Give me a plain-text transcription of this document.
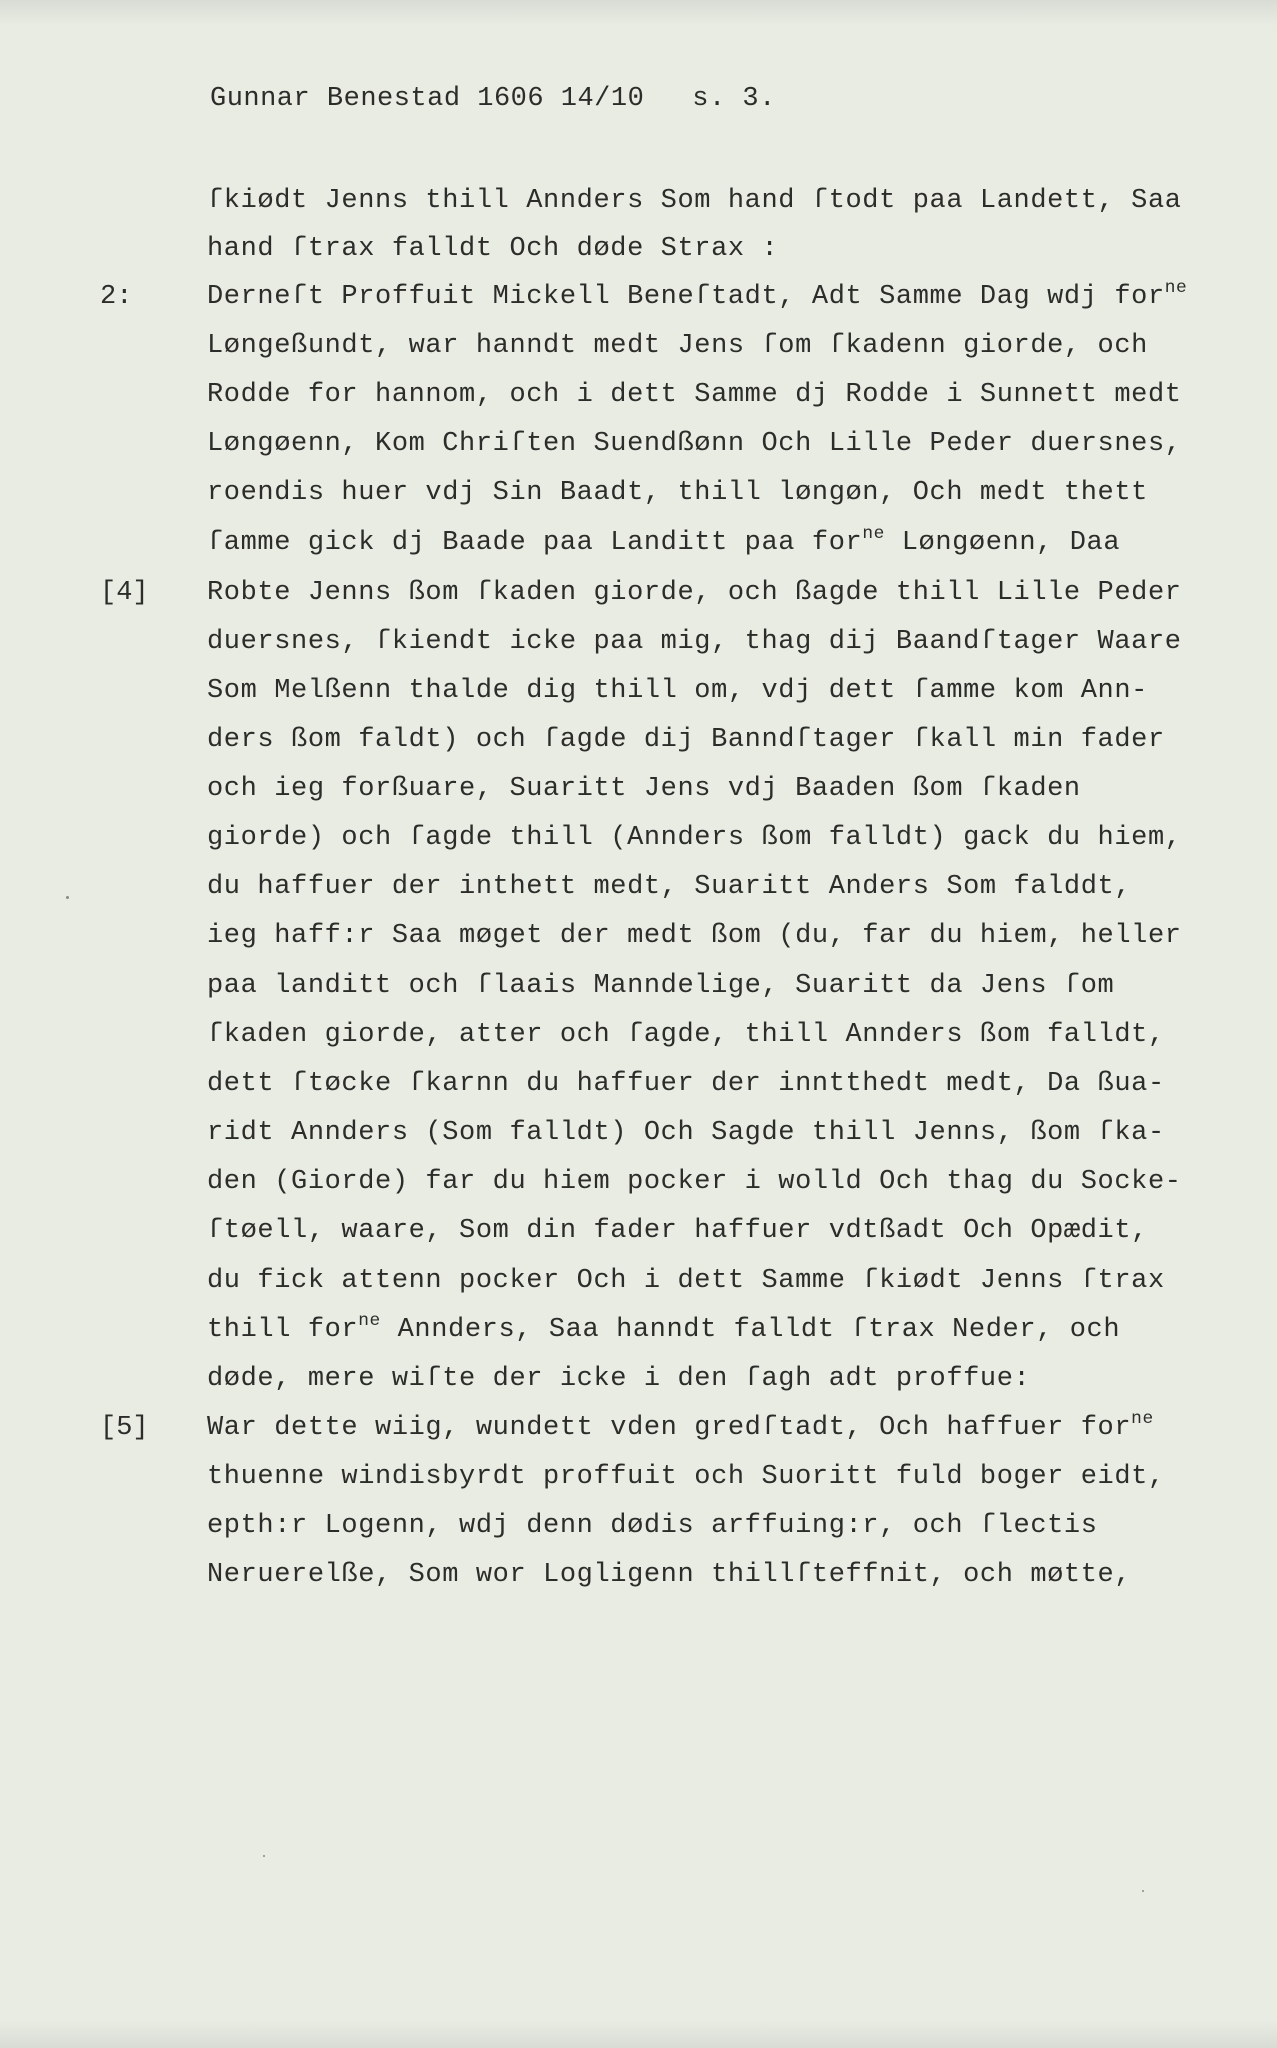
Gunnar Benestad 1606 14/10 s. 3.
2:
[4]
[5]
ſkiødt Jenns thill Annders Som hand ſtodt paa Landett, Saa
hand ſtrax falldt Och døde Strax :
Derneſt Proffuit Mickell Beneſtadt, Adt Samme Dag wdj for$^{ne}$
Løngeßundt, war hanndt medt Jens ſom ſkadenn giorde, och
Rodde for hannom, och i dett Samme dj Rodde i Sunnett medt
Løngøenn, Kom Chriſten Suendßønn Och Lille Peder duersnes,
roendis huer vdj Sin Baadt, thill løngøn, Och medt thett
ſamme gick dj Baade paa Landitt paa for$^{ne}$ Løngøenn, Daa
Robte Jenns ßom ſkaden giorde, och ßagde thill Lille Peder
duersnes, ſkiendt icke paa mig, thag dij Baandſtager Waare
Som Melßenn thalde dig thill om, vdj dett ſamme kom Ann-
ders ßom faldt) och ſagde dij Banndſtager ſkall min fader
och ieg forßuare, Suaritt Jens vdj Baaden ßom ſkaden
giorde) och ſagde thill (Annders ßom falldt) gack du hiem,
du haffuer der inthett medt, Suaritt Anders Som falddt,
ieg haff:r Saa møget der medt ßom (du, far du hiem, heller
paa landitt och ſlaais Manndelige, Suaritt da Jens ſom
ſkaden giorde, atter och ſagde, thill Annders ßom falldt,
dett ſtøcke ſkarnn du haffuer der inntthedt medt, Da ßua-
ridt Annders (Som falldt) Och Sagde thill Jenns, ßom ſka-
den (Giorde) far du hiem pocker i wolld Och thag du Socke-
ſtøell, waare, Som din fader haffuer vdtßadt Och Opædit,
du fick attenn pocker Och i dett Samme ſkiødt Jenns ſtrax
thill for$^{ne}$ Annders, Saa hanndt falldt ſtrax Neder, och
døde, mere wiſte der icke i den ſagh adt proffue:
War dette wiig, wundett vden gredſtadt, Och haffuer for$^{ne}$
thuenne windisbyrdt proffuit och Suoritt fuld boger eidt,
epth:r Logenn, wdj denn dødis arffuing:r, och ſlectis
Neruerelße, Som wor Logligenn thillſteffnit, och møtte,
